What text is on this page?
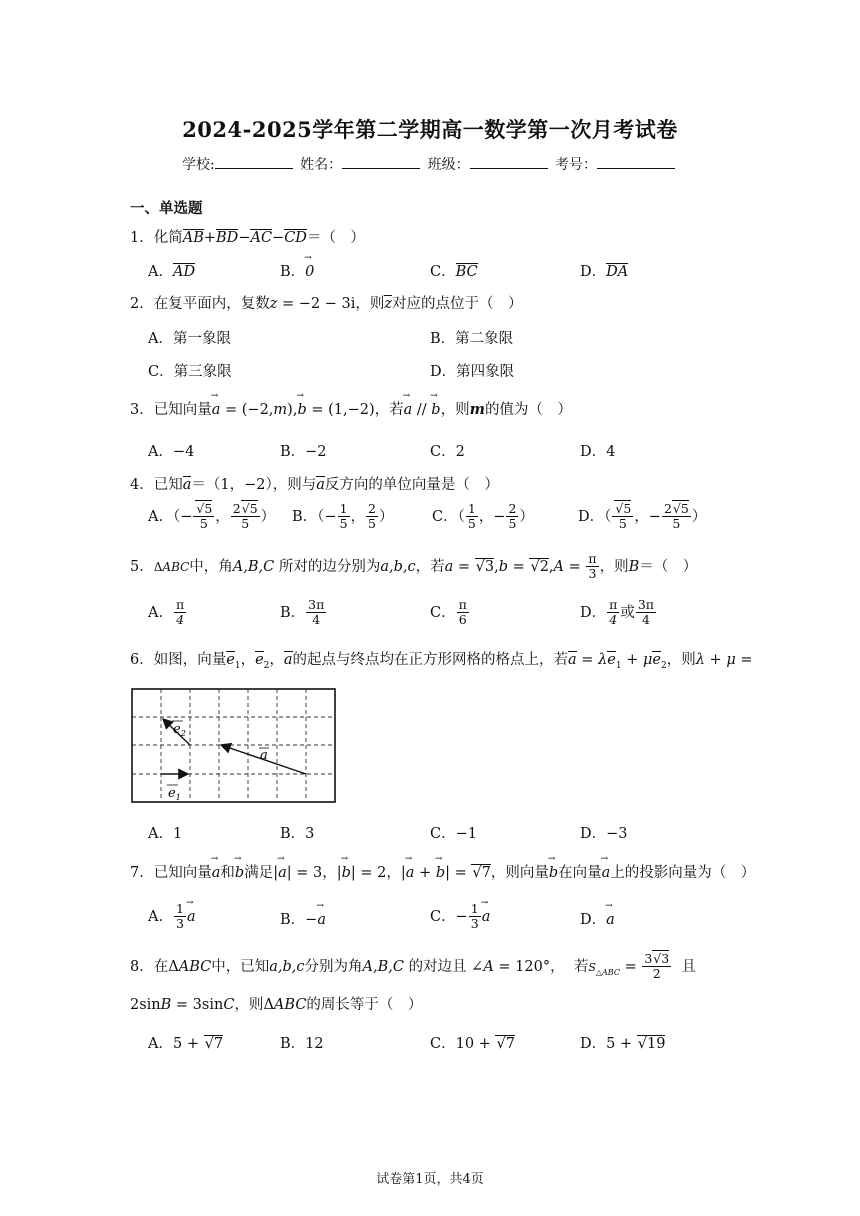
2024-2025学年第二学期高一数学第一次月考试卷
学校:	姓名：	班级：	考号：
一、单选题
1．化简AB+BD−AC−CD＝（　）
A．AD	B．→ 0	C．BC	D．DA
2．在复平面内，复数z = −2 − 3i，则z对应的点位于（　）
A．第一象限	B．第二象限
C．第三象限	D．第四象限
3．已知向量→ a = (−2,m),→ b = (1,−2)，若→ a // → b，则m的值为（　）
A．−4	B．−2	C．2	D．4
4．已知a＝（1，−2），则与a反方向的单位向量是（　）
A．（−
√ $\frac{5}{5}$ ， $\frac{2√ 5}{5}$ ） B．（− $\frac{1}{5}$ ， $\frac{2}{5}$ ）	C．（ $\frac{1}{5}$ ，− $\frac{2}{5}$ ）	D．（
√ $\frac{5}{5}$ ，− $\frac{2√ 5}{5}$ ）
5．ΔABC中，角A,B,C 所对的边分别为a,b,c，若a = √ 3,b = √ $2,A = \frac{\pi}{3}$ ，则B＝（　）
A． $\frac{\pi}{4}$	B． $\frac{3\pi}{4}$	C． $\frac{\pi}{6}$	D． $\frac{\pi}{4}$ 或 $\frac{3\pi}{4}$
6．如图，向量$e_1$，$e_2$，a的起点与终点均在正方形网格的格点上，若$a = \lambda e_1 + \mu e_2$，则λ + μ =
$e_1$
$e_2$
a
A．1	B．3	C．−1	D．−3
7．已知向量→ a和→ b满足|→ a| = 3，|→ b| = 2，|→ a + → b| = √ 7，则向量→ b在向量→ a上的投影向量为（　）
A． $\frac{1}{3}$
→ a	B．−→ a	C．− $\frac{1}{3}$
→ a	D．→ a
8．在ΔABC中，已知a,b,c分别为角A,B,C 的对边且 ∠A = 120°，  若$S_{\triangle ABC} = \frac{3√ 3}{2}$ 且
2sinB = 3sinC，则ΔABC的周长等于（　）
A．5 + √ 7	B．12	C．10 + √ 7	D．5 + √ 19
试卷第1页，共4页
